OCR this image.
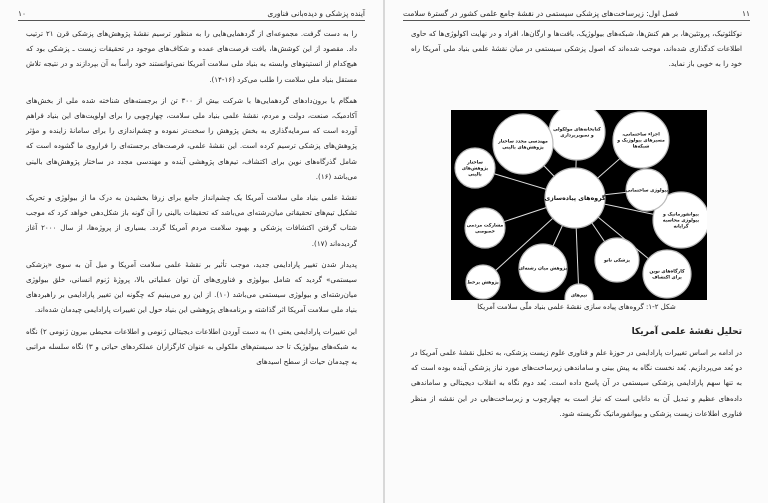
آینده پزشکی و دیده‌بانی فناوری
۱۰

را به دست گرفت. مجموعه‌ای از گردهمایی‌هایی را به منظور ترسیم نقشهٔ پژوهش‌های پزشکی قرن ۲۱ ترتیب داد. مقصود از این کوشش‌ها، یافت فرصت‌های عمده و شکاف‌های موجود در تحقیقات زیست ـ پزشکی بود که هیچ‌کدام از انستیتوهای وابسته به بنیاد ملی سلامت آمریکا نمی‌توانستند خود رأساً به آن بپردازند و در نتیجه تلاش مستقل بنیاد ملی سلامت را طلب می‌کرد (۱۶-۱۴).

همگام با برون‌دادهای گردهمایی‌ها با شرکت بیش از ۳۰۰ تن از برجسته‌های شناخته شده ملی از بخش‌های آکادمیک، صنعت، دولت و مردم، نقشهٔ علمی بنیاد ملی سلامت، چهارچوبی را برای اولویت‌های این بنیاد فراهم آورده است که سرمایه‌گذاری به بخش پژوهش را سخت‌تر نموده و چشم‌اندازی را برای سامانهٔ زاینده و مؤثر پژوهش‌های پزشکی ترسیم کرده است. این نقشهٔ علمی، فرصت‌های برجسته‌ای را فراروی ما گشوده است که شامل گذرگاه‌های نوین برای اکتشاف، تیم‌های پژوهشی آینده و مهندسی مجدد در ساختار پژوهش‌های بالینی می‌باشد (۱۶).

نقشهٔ علمی بنیاد ملی سلامت آمریکا یک چشم‌انداز جامع برای زرفا بخشیدن به درک ما از بیولوژی و تحریک تشکیل تیم‌های تحقیقاتی میان‌رشته‌ای می‌باشد که تحقیقات بالینی را آن گونه باز شکل‌دهی خواهد کرد که موجب شتاب گرفتن اکتشافات پزشکی و بهبود سلامت مردم آمریکا گردد. بسیاری از پروژه‌ها، از سال ۲۰۰۰ آغاز گردیده‌اند (۱۷).

پدیدار شدن تغییر پارادایمی جدید، موجب تأثیر بر نقشهٔ علمی سلامت آمریکا و میل آن به سوی «پزشکی سیستمی» گردید که شامل بیولوژی و فناوری‌های آن توان عملیاتی بالا، پروژهٔ ژنوم انسانی، خلق بیولوژی میان‌رشته‌ای و بیولوژی سیستمی می‌باشد (۱۰). از این رو می‌بینیم که چگونه این تغییر پارادایمی بر راهبردهای بنیاد ملی سلامت آمریکا اثر گذاشته و برنامه‌های پژوهشی این بنیاد حول این تغییرات پارادایمی چیدمان شده‌اند.

این تغییرات پارادایمی یعنی ۱) به دست آوردن اطلاعات دیجیتالی ژنومی و اطلاعات محیطی بیرون ژنومی ۲) نگاه به شبکه‌های بیولوژیک تا حد سیستم‌های ملکولی به عنوان کارگزاران عملکردهای حیاتی و ۳) نگاه سلسله مراتبی به چیدمان حیات از سطح اسیدهای

۱۱
فصل اول: زیرساخت‌های پزشکی سیستمی در نقشهٔ جامع علمی کشور در گسترهٔ سلامت

نوکلئوتیک، پروتئین‌ها، بر هم کنش‌ها، شبکه‌های بیولوژیک، بافت‌ها و ارگان‌ها، افراد و در نهایت اکولوژی‌ها که حاوی اطلاعات کدگذاری شده‌اند، موجب شده‌اند که اصول پزشکی سیستمی در میان نقشهٔ علمی بنیاد ملی آمریکا راه خود را به خوبی باز نماید.

اجزاء ساختمانی،
مسیرهای بیولوژیک و
شبکه‌ها
کتابخانه‌های مولکولی
و تصویربرداری
مهندسی مجدد ساختار
پژوهش‌های بالینی
ساختار
پژوهش‌های
بالینی
مشارکت مردمی
خصوصی
پژوهش برخط
پژوهش میان رشته‌ای
تیم‌های
پزشکی نانو
کارگاه‌های نوین
برای اکتشاف
بیوانفورماتیک و
بیولوژی محاسبه
گرایانه
بیولوژی ساختمانی
گروه‌های پیاده‌سازی
شکل ۲-۱: گروه‌های پیاده سازی نقشهٔ علمی بنیاد ملّی سلامت آمریکا
تحلیل نقشهٔ علمی آمریکا

در ادامه بر اساس تغییرات پارادایمی در حوزهٔ علم و فناوری علوم زیست پزشکی، به تحلیل نقشهٔ علمی آمریکا در دو بُعد می‌پردازیم. بُعد نخست نگاه به پیش بینی و ساماندهی زیرساخت‌های مورد نیاز پزشکی آینده بوده است که به تنها سهم پارادایمی پزشکی سیستمی در آن پاسخ داده است. بُعد دوم نگاه به انقلاب دیجیتالی و ساماندهی داده‌های عظیم و تبدیل آن به دانایی است که نیاز است به چهارچوب و زیرساخت‌هایی در این نقشه از منظر فناوری اطلاعات زیست پزشکی و بیوانفورماتیک نگریسته شود.
